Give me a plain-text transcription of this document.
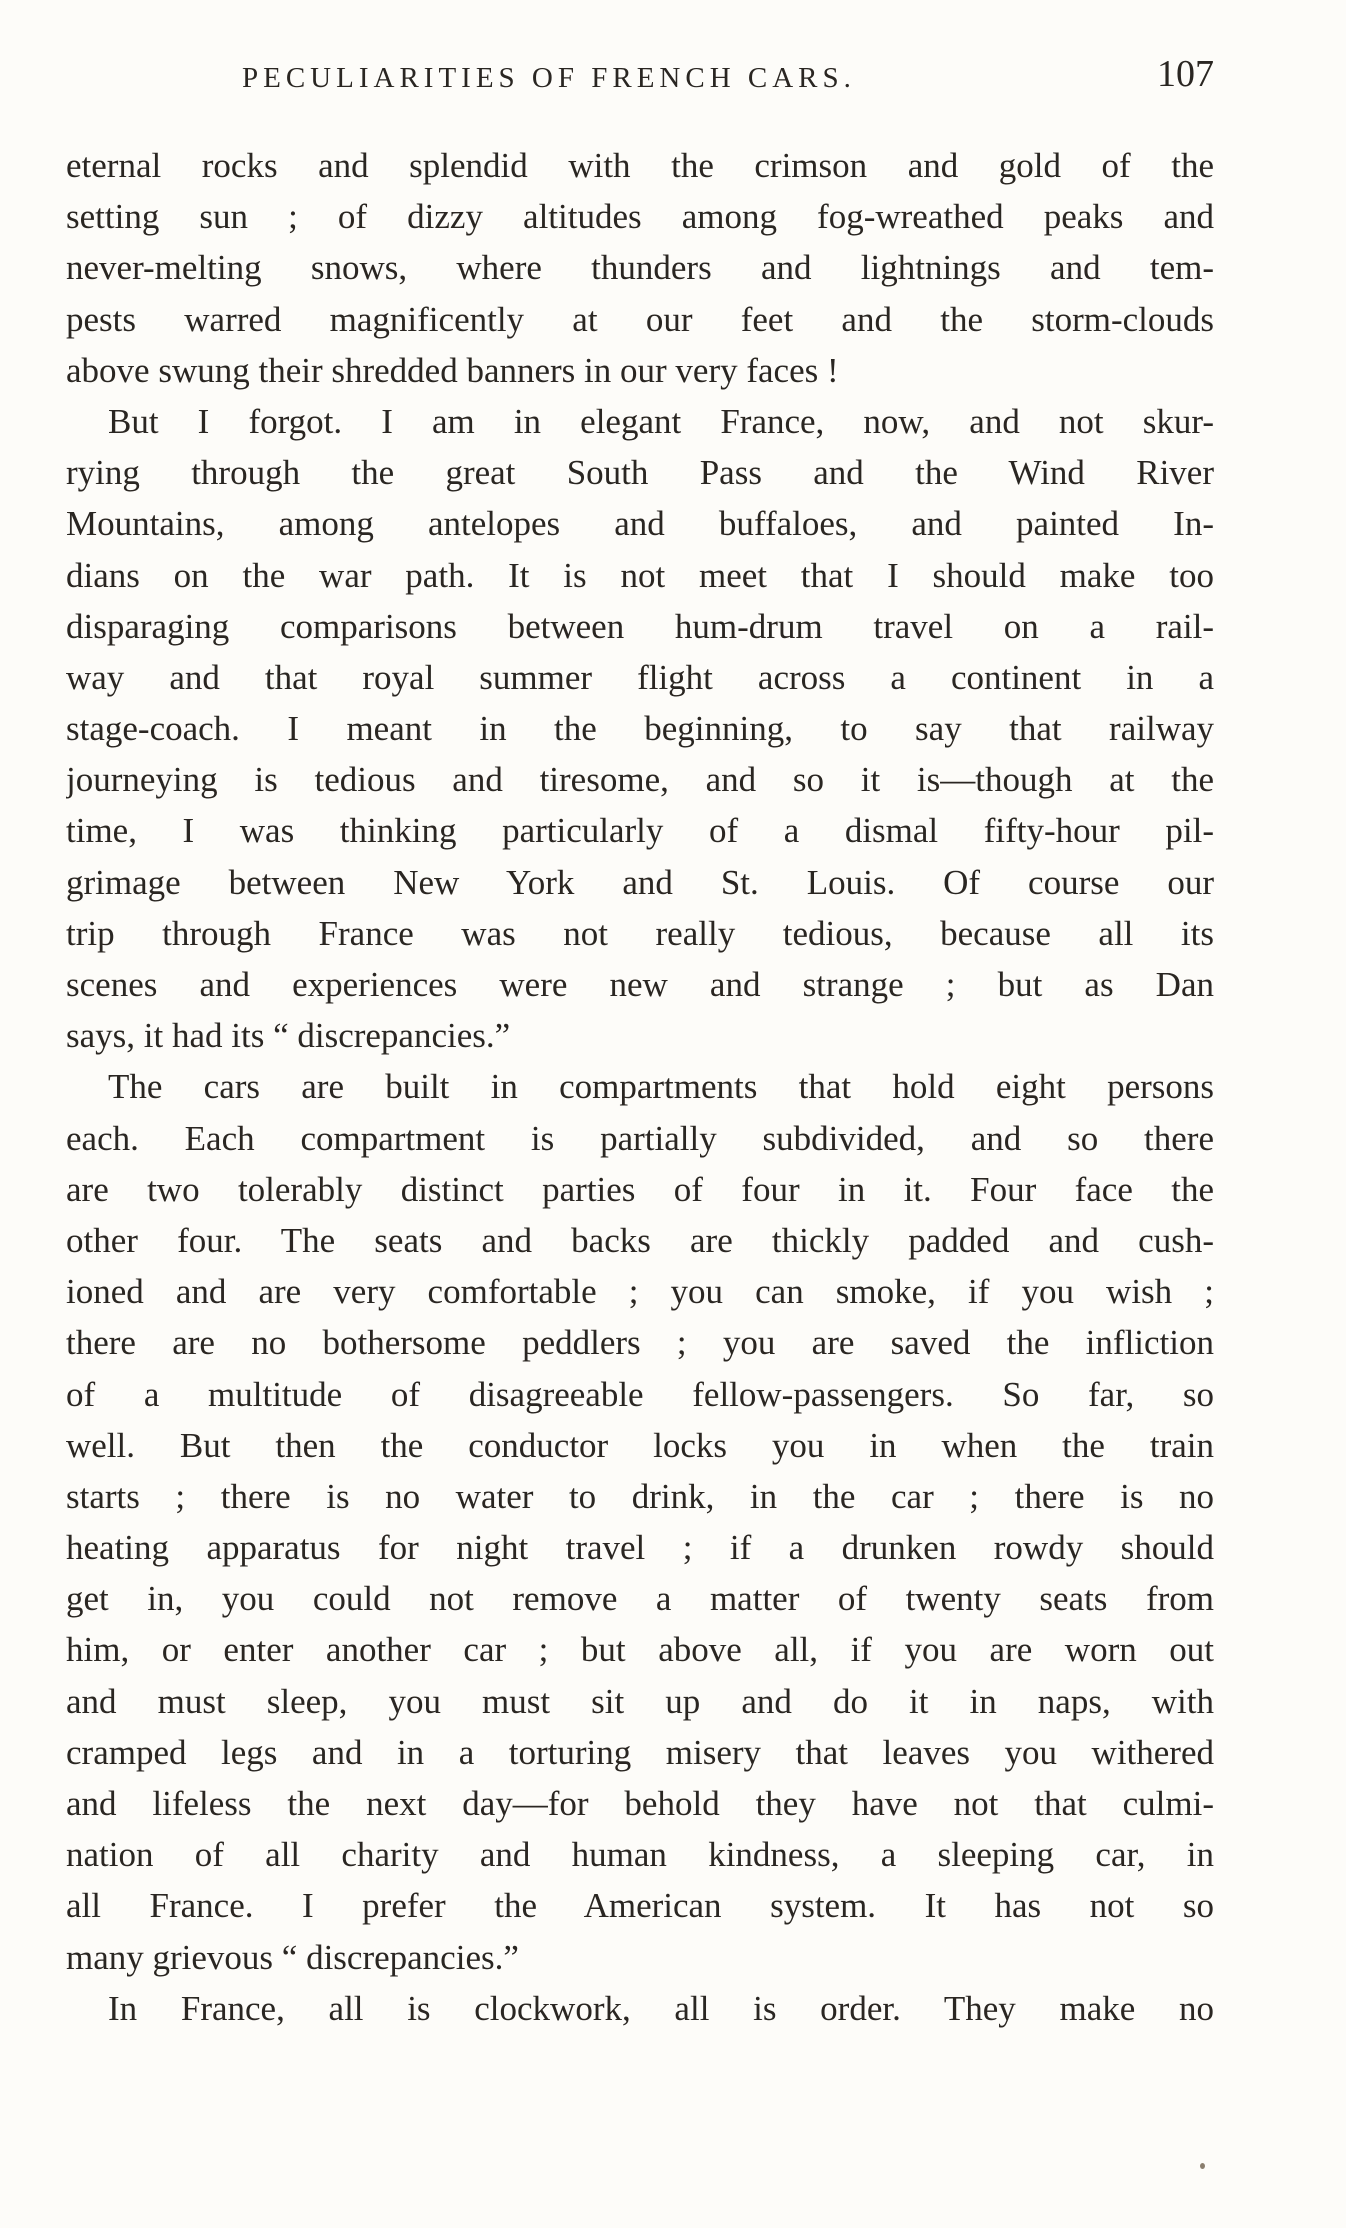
PECULIARITIES OF FRENCH CARS.	107
eternal rocks and splendid with the crimson and gold of the
setting sun ; of dizzy altitudes among fog-wreathed peaks and
never-melting snows, where thunders and lightnings and tem-
pests warred magnificently at our feet and the storm-clouds
above swung their shredded banners in our very faces !
But I forgot. I am in elegant France, now, and not skur-
rying through the great South Pass and the Wind River
Mountains, among antelopes and buffaloes, and painted In-
dians on the war path. It is not meet that I should make too
disparaging comparisons between hum-drum travel on a rail-
way and that royal summer flight across a continent in a
stage-coach. I meant in the beginning, to say that railway
journeying is tedious and tiresome, and so it is—though at the
time, I was thinking particularly of a dismal fifty-hour pil-
grimage between New York and St. Louis. Of course our
trip through France was not really tedious, because all its
scenes and experiences were new and strange ; but as Dan
says, it had its “ discrepancies.”
The cars are built in compartments that hold eight persons
each. Each compartment is partially subdivided, and so there
are two tolerably distinct parties of four in it. Four face the
other four. The seats and backs are thickly padded and cush-
ioned and are very comfortable ; you can smoke, if you wish ;
there are no bothersome peddlers ; you are saved the infliction
of a multitude of disagreeable fellow-passengers. So far, so
well. But then the conductor locks you in when the train
starts ; there is no water to drink, in the car ; there is no
heating apparatus for night travel ; if a drunken rowdy should
get in, you could not remove a matter of twenty seats from
him, or enter another car ; but above all, if you are worn out
and must sleep, you must sit up and do it in naps, with
cramped legs and in a torturing misery that leaves you withered
and lifeless the next day—for behold they have not that culmi-
nation of all charity and human kindness, a sleeping car, in
all France. I prefer the American system. It has not so
many grievous “ discrepancies.”
In France, all is clockwork, all is order. They make no
